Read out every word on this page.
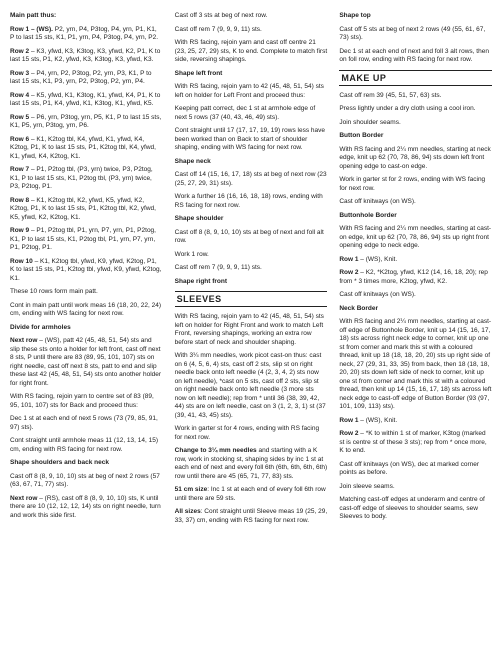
Main patt thus:

Row 1 – (WS). P2, yrn, P4, P3tog, P4, yrn, P1, K1, P to last 15 sts, K1, P1, yrn, P4, P3tog, P4, yrn, P2.

Row 2 – K3, yfwd, K3, K3tog, K3, yfwd, K2, P1, K to last 15 sts, P1, K2, yfwd, K3, K3tog, K3, yfwd, K3.

Row 3 – P4, yrn, P2, P3tog, P2, yrn, P3, K1, P to last 15 sts, K1, P3, yrn, P2, P3tog, P2, yrn, P4.

Row 4 – K5, yfwd, K1, K3tog, K1, yfwd, K4, P1, K to last 15 sts, P1, K4, yfwd, K1, K3tog, K1, yfwd, K5.

Row 5 – P6, yrn, P3tog, yrn, P5, K1, P to last 15 sts, K1, P5, yrn, P3tog, yrn, P6.

Row 6 – K1, K2tog tbl, K4, yfwd, K1, yfwd, K4, K2tog, P1, K to last 15 sts, P1, K2tog tbl, K4, yfwd, K1, yfwd, K4, K2tog, K1.

Row 7 – P1, P2tog tbl, (P3, yrn) twice, P3, P2tog, K1, P to last 15 sts, K1, P2tog tbl, (P3, yrn) twice, P3, P2tog, P1.

Row 8 – K1, K2tog tbl, K2, yfwd, K5, yfwd, K2, K2tog, P1, K to last 15 sts, P1, K2tog tbl, K2, yfwd, K5, yfwd, K2, K2tog, K1.

Row 9 – P1, P2tog tbl, P1, yrn, P7, yrn, P1, P2tog, K1, P to last 15 sts, K1, P2tog tbl, P1, yrn, P7, yrn, P1, P2tog, P1.

Row 10 – K1, K2tog tbl, yfwd, K9, yfwd, K2tog, P1, K to last 15 sts, P1, K2tog tbl, yfwd, K9, yfwd, K2tog, K1.

These 10 rows form main patt.

Cont in main patt until work meas 16 (18, 20, 22, 24) cm, ending with WS facing for next row.

Divide for armholes

Next row – (WS), patt 42 (45, 48, 51, 54) sts and slip these sts onto a holder for left front, cast off next 8 sts, P until there are 83 (89, 95, 101, 107) sts on right needle, cast off next 8 sts, patt to end and slip these last 42 (45, 48, 51, 54) sts onto another holder for right front.

With RS facing, rejoin yarn to centre set of 83 (89, 95, 101, 107) sts for Back and proceed thus:

Dec 1 st at each end of next 5 rows (73 (79, 85, 91, 97) sts).

Cont straight until armhole meas 11 (12, 13, 14, 15) cm, ending with RS facing for next row.

Shape shoulders and back neck

Cast off 8 (8, 9, 10, 10) sts at beg of next 2 rows (57 (63, 67, 71, 77) sts).

Next row – (RS), cast off 8 (8, 9, 10, 10) sts, K until there are 10 (12, 12, 12, 14) sts on right needle, turn and work this side first.

Cast off 3 sts at beg of next row.

Cast off rem 7 (9, 9, 9, 11) sts.

With RS facing, rejoin yarn and cast off centre 21 (23, 25, 27, 29) sts, K to end. Complete to match first side, reversing shapings.

Shape left front

With RS facing, rejoin yarn to 42 (45, 48, 51, 54) sts left on holder for Left Front and proceed thus:

Keeping patt correct, dec 1 st at armhole edge of next 5 rows (37 (40, 43, 46, 49) sts).

Cont straight until 17 (17, 17, 19, 19) rows less have been worked than on Back to start of shoulder shaping, ending with WS facing for next row.

Shape neck

Cast off 14 (15, 16, 17, 18) sts at beg of next row (23 (25, 27, 29, 31) sts).

Work a further 16 (16, 16, 18, 18) rows, ending with RS facing for next row.

Shape shoulder

Cast off 8 (8, 9, 10, 10) sts at beg of next and foll alt row.

Work 1 row.

Cast off rem 7 (9, 9, 9, 11) sts.

Shape right front

SLEEVES

With RS facing, rejoin yarn to 42 (45, 48, 51, 54) sts left on holder for Right Front and work to match Left Front, reversing shapings, working an extra row before start of neck and shoulder shaping.

With 3¼ mm needles, work picot cast-on thus: cast on 6 (4, 5, 6, 4) sts, cast off 2 sts, slip st on right needle back onto left needle (4 (2, 3, 4, 2) sts now on left needle), *cast on 5 sts, cast off 2 sts, slip st on right needle back onto left needle (3 more sts now on left needle); rep from * until 36 (38, 39, 42, 44) sts are on left needle, cast on 3 (1, 2, 3, 1) st (37 (39, 41, 43, 45) sts).

Work in garter st for 4 rows, ending with RS facing for next row.

Change to 3¼ mm needles and starting with a K row, work in stocking st, shaping sides by inc 1 st at each end of next and every foll 6th (6th, 6th, 6th, 6th) row until there are 45 (65, 71, 77, 83) sts.

51 cm size: Inc 1 st at each end of every foll 6th row until there are 59 sts.

All sizes: Cont straight until Sleeve meas 19 (25, 29, 33, 37) cm, ending with RS facing for next row.

Shape top

Cast off 5 sts at beg of next 2 rows (49 (55, 61, 67, 73) sts).

Dec 1 st at each end of next and foll 3 alt rows, then on foll row, ending with RS facing for next row.

MAKE UP

Cast off rem 39 (45, 51, 57, 63) sts.

Press lightly under a dry cloth using a cool iron.

Join shoulder seams.

Button Border

With RS facing and 2¼ mm needles, starting at neck edge, knit up 62 (70, 78, 86, 94) sts down left front opening edge to cast-on edge.

Work in garter st for 2 rows, ending with WS facing for next row.

Cast off knitways (on WS).

Buttonhole Border

With RS facing and 2¼ mm needles, starting at cast-on edge, knit up 62 (70, 78, 86, 94) sts up right front opening edge to neck edge.

Row 1 – (WS), Knit.

Row 2 – K2, *K2tog, yfwd, K12 (14, 16, 18, 20); rep from * 3 times more, K2tog, yfwd, K2.

Cast off knitways (on WS).

Neck Border

With RS facing and 2¼ mm needles, starting at cast-off edge of Buttonhole Border, knit up 14 (15, 16, 17, 18) sts across right neck edge to corner, knit up one st from corner and mark this st with a coloured thread, knit up 18 (18, 18, 20, 20) sts up right side of neck, 27 (29, 31, 33, 35) from back, then 18 (18, 18, 20, 20) sts down left side of neck to corner, knit up one st from corner and mark this st with a coloured thread, then knit up 14 (15, 16, 17, 18) sts across left neck edge to cast-off edge of Button Border (93 (97, 101, 109, 113) sts).

Row 1 – (WS), Knit.

Row 2 – *K to within 1 st of marker, K3tog (marked st is centre st of these 3 sts); rep from * once more, K to end.

Cast off knitways (on WS), dec at marked corner points as before.

Join sleeve seams.

Matching cast-off edges at underarm and centre of cast-off edge of sleeves to shoulder seams, sew Sleeves to body.
